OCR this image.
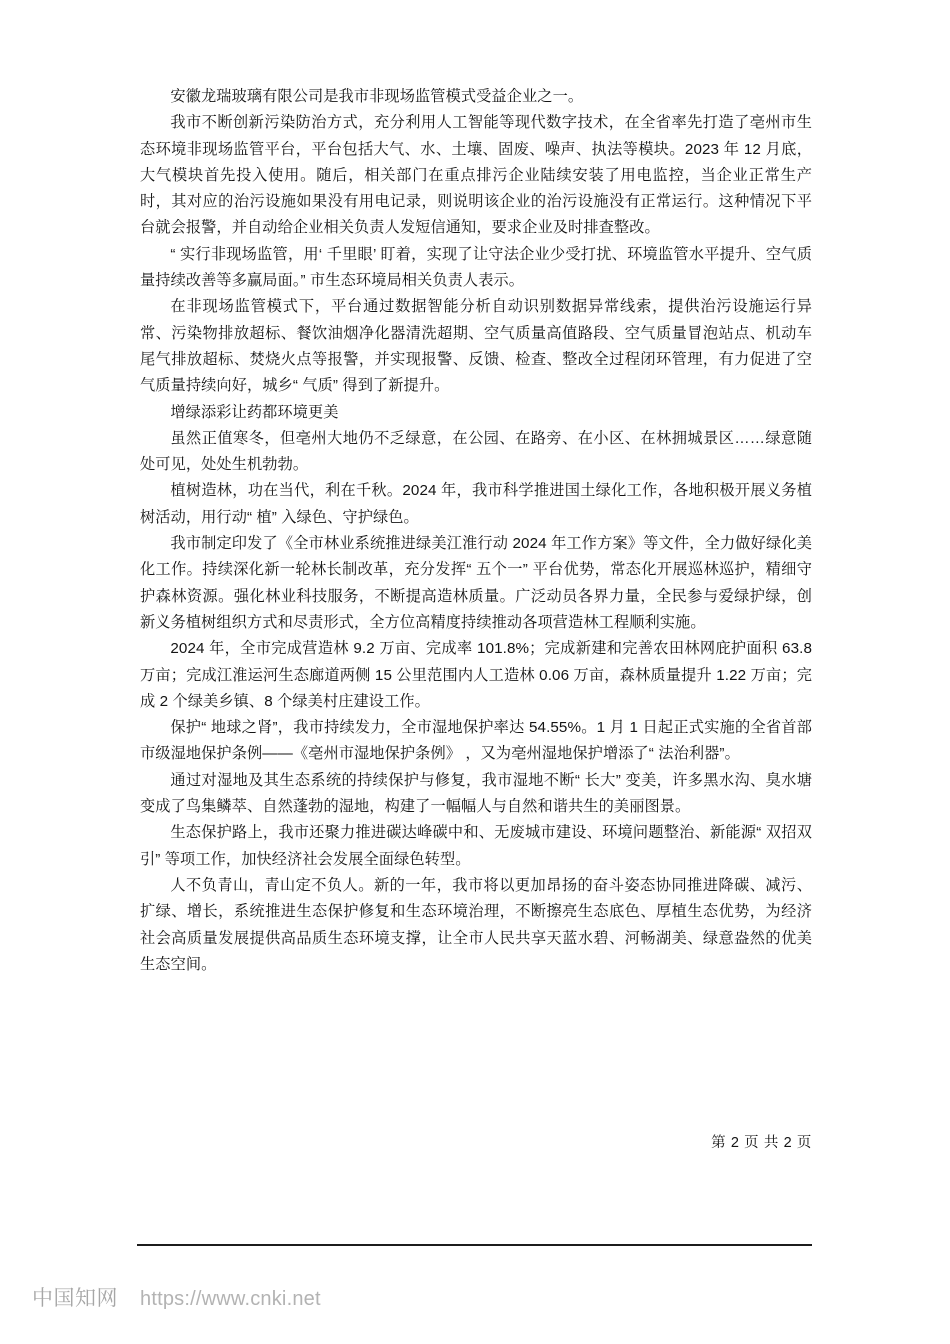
安徽龙瑞玻璃有限公司是我市非现场监管模式受益企业之一。

我市不断创新污染防治方式，充分利用人工智能等现代数字技术，在全省率先打造了亳州市生态环境非现场监管平台，平台包括大气、水、土壤、固废、噪声、执法等模块。2023 年 12 月底，大气模块首先投入使用。随后，相关部门在重点排污企业陆续安装了用电监控，当企业正常生产时，其对应的治污设施如果没有用电记录，则说明该企业的治污设施没有正常运行。这种情况下平台就会报警，并自动给企业相关负责人发短信通知，要求企业及时排查整改。

“ 实行非现场监管，用‘ 千里眼’ 盯着，实现了让守法企业少受打扰、环境监管水平提升、空气质量持续改善等多赢局面。” 市生态环境局相关负责人表示。

在非现场监管模式下，平台通过数据智能分析自动识别数据异常线索，提供治污设施运行异常、污染物排放超标、餐饮油烟净化器清洗超期、空气质量高值路段、空气质量冒泡站点、机动车尾气排放超标、焚烧火点等报警，并实现报警、反馈、检查、整改全过程闭环管理，有力促进了空气质量持续向好，城乡“ 气质” 得到了新提升。

增绿添彩让药都环境更美

虽然正值寒冬，但亳州大地仍不乏绿意，在公园、在路旁、在小区、在林拥城景区……绿意随处可见，处处生机勃勃。

植树造林，功在当代，利在千秋。2024 年，我市科学推进国土绿化工作，各地积极开展义务植树活动，用行动“ 植” 入绿色、守护绿色。

我市制定印发了《全市林业系统推进绿美江淮行动 2024 年工作方案》等文件，全力做好绿化美化工作。持续深化新一轮林长制改革，充分发挥“ 五个一” 平台优势，常态化开展巡林巡护，精细守护森林资源。强化林业科技服务，不断提高造林质量。广泛动员各界力量，全民参与爱绿护绿，创新义务植树组织方式和尽责形式，全方位高精度持续推动各项营造林工程顺利实施。

2024 年，全市完成营造林 9.2 万亩、完成率 101.8%；完成新建和完善农田林网庇护面积 63.8 万亩；完成江淮运河生态廊道两侧 15 公里范围内人工造林 0.06 万亩，森林质量提升 1.22 万亩；完成 2 个绿美乡镇、8 个绿美村庄建设工作。

保护“ 地球之肾”，我市持续发力，全市湿地保护率达 54.55%。1 月 1 日起正式实施的全省首部市级湿地保护条例——《亳州市湿地保护条例》 ，又为亳州湿地保护增添了“ 法治利器”。

通过对湿地及其生态系统的持续保护与修复，我市湿地不断“ 长大” 变美，许多黑水沟、臭水塘变成了鸟集鳞萃、自然蓬勃的湿地，构建了一幅幅人与自然和谐共生的美丽图景。

生态保护路上，我市还聚力推进碳达峰碳中和、无废城市建设、环境问题整治、新能源“ 双招双引” 等项工作，加快经济社会发展全面绿色转型。

人不负青山，青山定不负人。新的一年，我市将以更加昂扬的奋斗姿态协同推进降碳、减污、扩绿、增长，系统推进生态保护修复和生态环境治理，不断擦亮生态底色、厚植生态优势，为经济社会高质量发展提供高品质生态环境支撑，让全市人民共享天蓝水碧、河畅湖美、绿意盎然的优美生态空间。

第 2 页 共 2 页
中国知网 https://www.cnki.net
